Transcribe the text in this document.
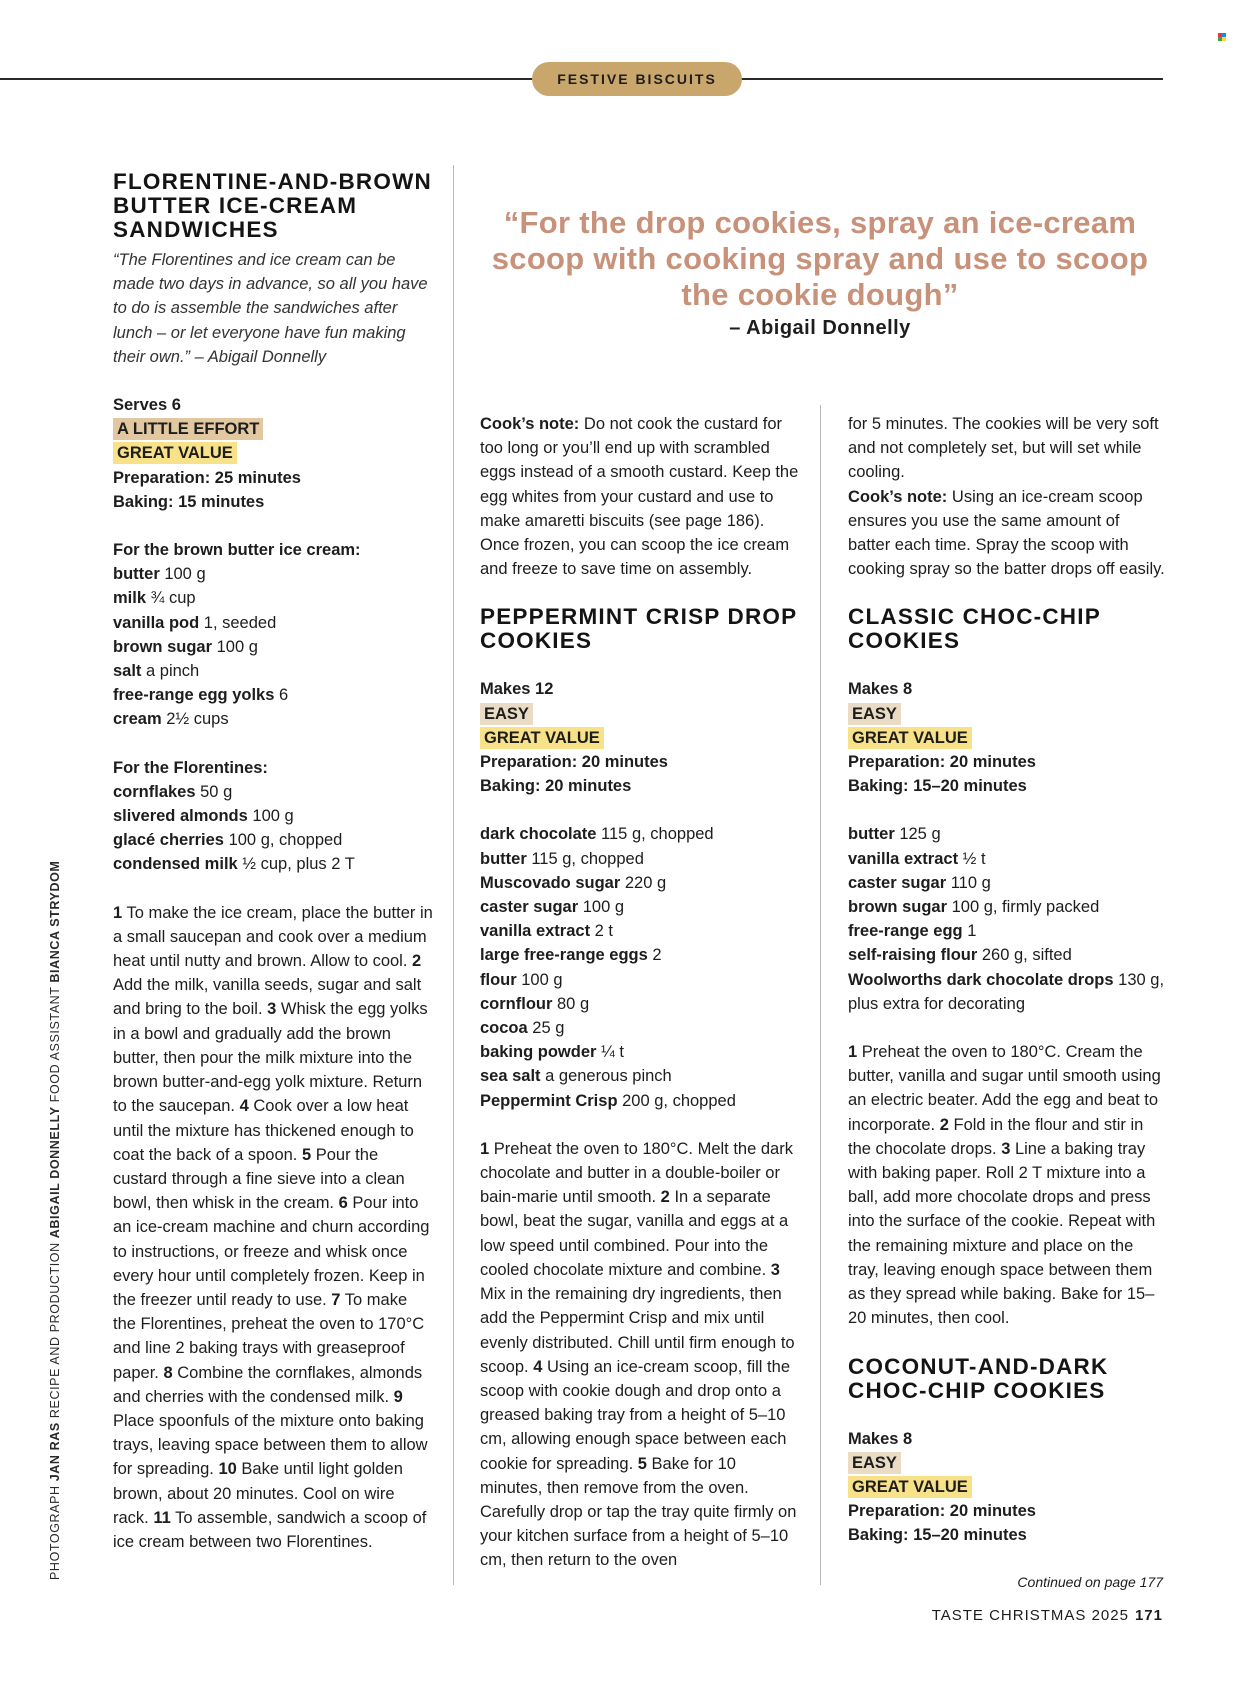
FESTIVE BISCUITS
“For the drop cookies, spray an ice-cream scoop with cooking spray and use to scoop the cookie dough”
– Abigail Donnelly
FLORENTINE-AND-BROWN BUTTER ICE-CREAM SANDWICHES

“The Florentines and ice cream can be made two days in advance, so all you have to do is assemble the sandwiches after lunch – or let everyone have fun making their own.” – Abigail Donnelly

Serves 6

A LITTLE EFFORT

GREAT VALUE

Preparation: 25 minutes

Baking: 15 minutes

For the brown butter ice cream:

butter 100 g

milk ¾ cup

vanilla pod 1, seeded

brown sugar 100 g

salt a pinch

free-range egg yolks 6

cream 2½ cups

For the Florentines:

cornflakes 50 g

slivered almonds 100 g

glacé cherries 100 g, chopped

condensed milk ½ cup, plus 2 T

1 To make the ice cream, place the butter in a small saucepan and cook over a medium heat until nutty and brown. Allow to cool. 2 Add the milk, vanilla seeds, sugar and salt and bring to the boil. 3 Whisk the egg yolks in a bowl and gradually add the brown butter, then pour the milk mixture into the brown butter-and-egg yolk mixture. Return to the saucepan. 4 Cook over a low heat until the mixture has thickened enough to coat the back of a spoon. 5 Pour the custard through a fine sieve into a clean bowl, then whisk in the cream. 6 Pour into an ice-cream machine and churn according to instructions, or freeze and whisk once every hour until completely frozen. Keep in the freezer until ready to use. 7 To make the Florentines, preheat the oven to 170°C and line 2 baking trays with greaseproof paper. 8 Combine the cornflakes, almonds and cherries with the condensed milk. 9 Place spoonfuls of the mixture onto baking trays, leaving space between them to allow for spreading. 10 Bake until light golden brown, about 20 minutes. Cool on wire rack. 11 To assemble, sandwich a scoop of ice cream between two Florentines.

Cook’s note: Do not cook the custard for too long or you’ll end up with scrambled eggs instead of a smooth custard. Keep the egg whites from your custard and use to make amaretti biscuits (see page 186). Once frozen, you can scoop the ice cream and freeze to save time on assembly.

PEPPERMINT CRISP DROP COOKIES

Makes 12

EASY

GREAT VALUE

Preparation: 20 minutes

Baking: 20 minutes

dark chocolate 115 g, chopped

butter 115 g, chopped

Muscovado sugar 220 g

caster sugar 100 g

vanilla extract 2 t

large free-range eggs 2

flour 100 g

cornflour 80 g

cocoa 25 g

baking powder ¼ t

sea salt a generous pinch

Peppermint Crisp 200 g, chopped

1 Preheat the oven to 180°C. Melt the dark chocolate and butter in a double-boiler or bain-marie until smooth. 2 In a separate bowl, beat the sugar, vanilla and eggs at a low speed until combined. Pour into the cooled chocolate mixture and combine. 3 Mix in the remaining dry ingredients, then add the Peppermint Crisp and mix until evenly distributed. Chill until firm enough to scoop. 4 Using an ice-cream scoop, fill the scoop with cookie dough and drop onto a greased baking tray from a height of 5–10 cm, allowing enough space between each cookie for spreading. 5 Bake for 10 minutes, then remove from the oven. Carefully drop or tap the tray quite firmly on your kitchen surface from a height of 5–10 cm, then return to the oven

for 5 minutes. The cookies will be very soft and not completely set, but will set while cooling.

Cook’s note: Using an ice-cream scoop ensures you use the same amount of batter each time. Spray the scoop with cooking spray so the batter drops off easily.

CLASSIC CHOC-CHIP COOKIES

Makes 8

EASY

GREAT VALUE

Preparation: 20 minutes

Baking: 15–20 minutes

butter 125 g

vanilla extract ½ t

caster sugar 110 g

brown sugar 100 g, firmly packed

free-range egg 1

self-raising flour 260 g, sifted

Woolworths dark chocolate drops 130 g, plus extra for decorating

1 Preheat the oven to 180°C. Cream the butter, vanilla and sugar until smooth using an electric beater. Add the egg and beat to incorporate. 2 Fold in the flour and stir in the chocolate drops. 3 Line a baking tray with baking paper. Roll 2 T mixture into a ball, add more chocolate drops and press into the surface of the cookie. Repeat with the remaining mixture and place on the tray, leaving enough space between them as they spread while baking. Bake for 15–20 minutes, then cool.

COCONUT-AND-DARK CHOC-CHIP COOKIES

Makes 8

EASY

GREAT VALUE

Preparation: 20 minutes

Baking: 15–20 minutes

PHOTOGRAPH JAN RAS RECIPE AND PRODUCTION ABIGAIL DONNELLY FOOD ASSISTANT BIANCA STRYDOM
Continued on page 177
TASTE CHRISTMAS 2025 171
